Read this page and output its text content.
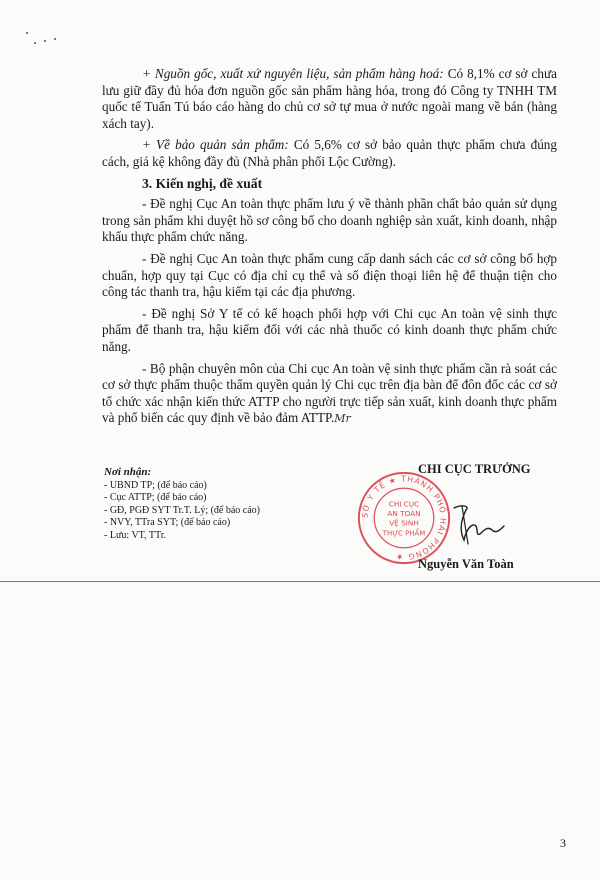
+ Nguồn gốc, xuất xứ nguyên liệu, sản phẩm hàng hoá: Có 8,1% cơ sở chưa lưu giữ đầy đủ hóa đơn nguồn gốc sản phẩm hàng hóa, trong đó Công ty TNHH TM quốc tế Tuấn Tú báo cáo hàng do chủ cơ sở tự mua ở nước ngoài mang về bán (hàng xách tay).

+ Về bảo quản sản phẩm: Có 5,6% cơ sở bảo quản thực phẩm chưa đúng cách, giá kệ không đầy đủ (Nhà phân phối Lộc Cường).

3. Kiến nghị, đề xuất

- Đề nghị Cục An toàn thực phẩm lưu ý về thành phần chất bảo quản sử dụng trong sản phẩm khi duyệt hồ sơ công bố cho doanh nghiệp sản xuất, kinh doanh, nhập khẩu thực phẩm chức năng.

- Đề nghị Cục An toàn thực phẩm cung cấp danh sách các cơ sở công bố hợp chuẩn, hợp quy tại Cục có địa chỉ cụ thể và số điện thoại liên hệ để thuận tiện cho công tác thanh tra, hậu kiểm tại các địa phương.

- Đề nghị Sở Y tế có kế hoạch phối hợp với Chi cục An toàn vệ sinh thực phẩm để thanh tra, hậu kiểm đối với các nhà thuốc có kinh doanh thực phẩm chức năng.

- Bộ phận chuyên môn của Chi cục An toàn vệ sinh thực phẩm cần rà soát các cơ sở thực phẩm thuộc thẩm quyền quản lý Chi cục trên địa bàn để đôn đốc các cơ sở tổ chức xác nhận kiến thức ATTP cho người trực tiếp sản xuất, kinh doanh thực phẩm và phổ biến các quy định về bảo đảm ATTP.Mr

Nơi nhận:
- UBND TP; (để báo cáo)
- Cục ATTP; (để báo cáo)
- GĐ, PGĐ SYT Tr.T. Lý; (để báo cáo)
- NVY, TTra SYT; (để báo cáo)
- Lưu: VT, TTr.
SỞ Y TẾ ★ THÀNH PHỐ HẢI PHÒNG ★
CHI CỤC
AN TOÀN
VỆ SINH
THỰC PHẨM
CHI CỤC TRƯỞNG
Nguyễn Văn Toàn
3
